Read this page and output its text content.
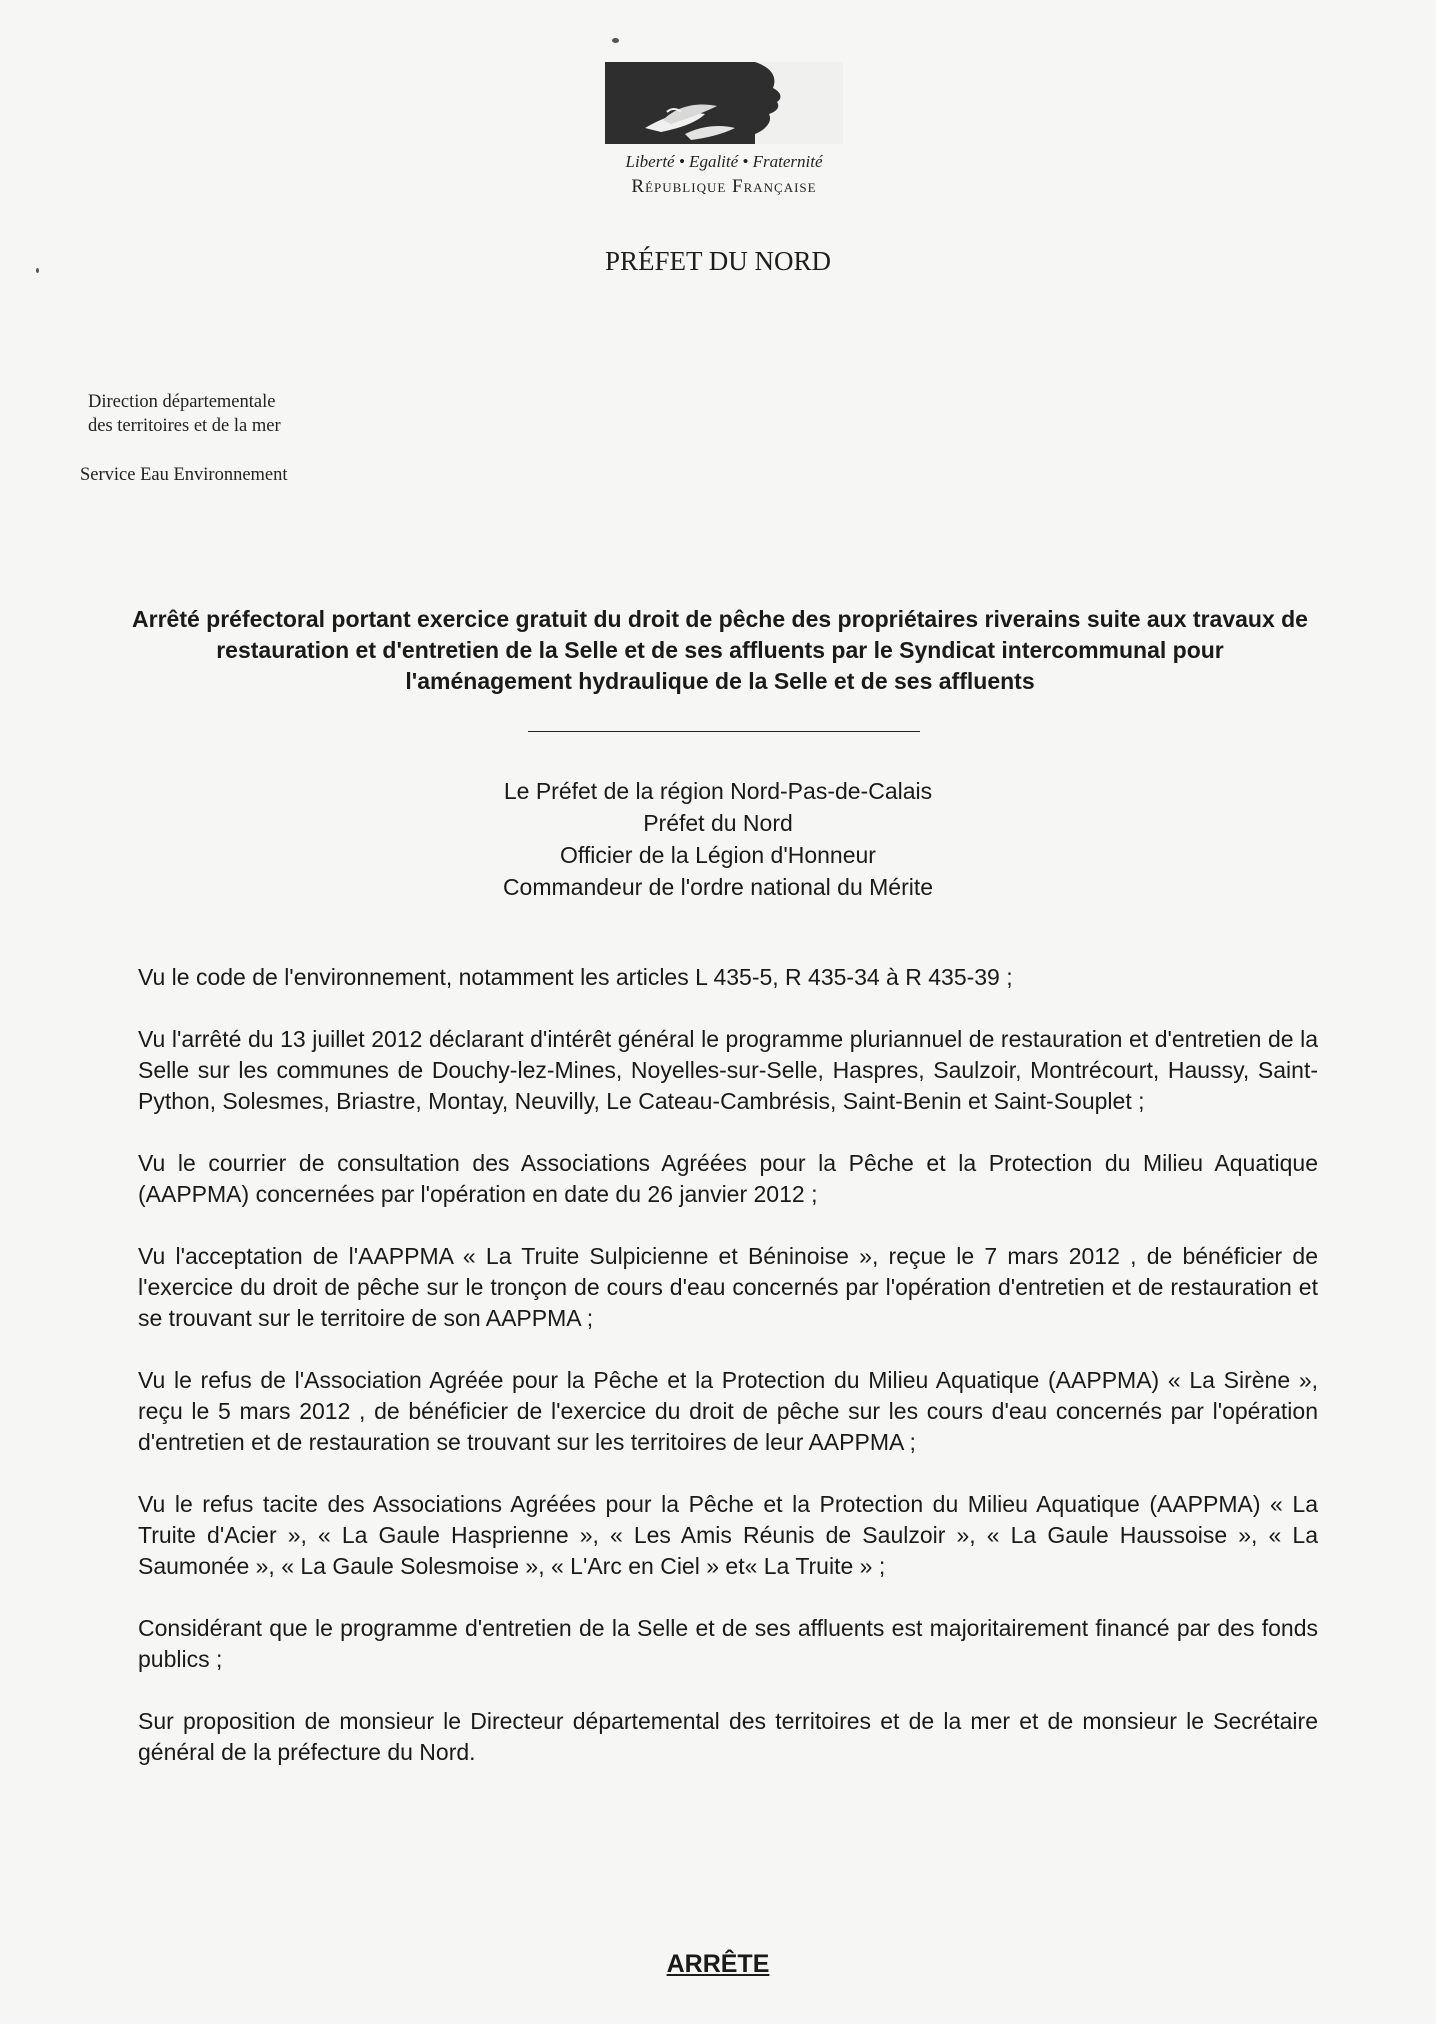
Liberté • Egalité • Fraternité
République Française
PRÉFET DU NORD
Direction départementale
des territoires et de la mer
Service Eau Environnement
Arrêté préfectoral portant exercice gratuit du droit de pêche des propriétaires riverains suite aux travaux de restauration et d'entretien de la Selle et de ses affluents par le Syndicat intercommunal pour l'aménagement hydraulique de la Selle et de ses affluents
Le Préfet de la région Nord-Pas-de-Calais
Préfet du Nord
Officier de la Légion d'Honneur
Commandeur de l'ordre national du Mérite

Vu le code de l'environnement, notamment les articles L 435-5, R 435-34 à R 435-39 ;

Vu l'arrêté du 13 juillet 2012 déclarant d'intérêt général le programme pluriannuel de restauration et d'entretien de la Selle sur les communes de Douchy-lez-Mines, Noyelles-sur-Selle, Haspres, Saulzoir, Montrécourt, Haussy, Saint-Python, Solesmes, Briastre, Montay, Neuvilly, Le Cateau-Cambrésis, Saint-Benin et Saint-Souplet ;

Vu le courrier de consultation des Associations Agréées pour la Pêche et la Protection du Milieu Aquatique (AAPPMA) concernées par l'opération en date du 26 janvier 2012 ;

Vu l'acceptation de l'AAPPMA « La Truite Sulpicienne et Béninoise », reçue le 7 mars 2012 , de bénéficier de l'exercice du droit de pêche sur le tronçon de cours d'eau concernés par l'opération d'entretien et de restauration et se trouvant sur le territoire de son AAPPMA ;

Vu le refus de l'Association Agréée pour la Pêche et la Protection du Milieu Aquatique (AAPPMA) « La Sirène », reçu le 5 mars 2012 , de bénéficier de l'exercice du droit de pêche sur les cours d'eau concernés par l'opération d'entretien et de restauration se trouvant sur les territoires de leur AAPPMA ;

Vu le refus tacite des Associations Agréées pour la Pêche et la Protection du Milieu Aquatique (AAPPMA) « La Truite d'Acier », « La Gaule Hasprienne », « Les Amis Réunis de Saulzoir », « La Gaule Haussoise », « La Saumonée », « La Gaule Solesmoise », « L'Arc en Ciel » et« La Truite » ;

Considérant que le programme d'entretien de la Selle et de ses affluents est majoritairement financé par des fonds publics ;

Sur proposition de monsieur le Directeur départemental des territoires et de la mer et de monsieur le Secrétaire général de la préfecture du Nord.

ARRÊTE
